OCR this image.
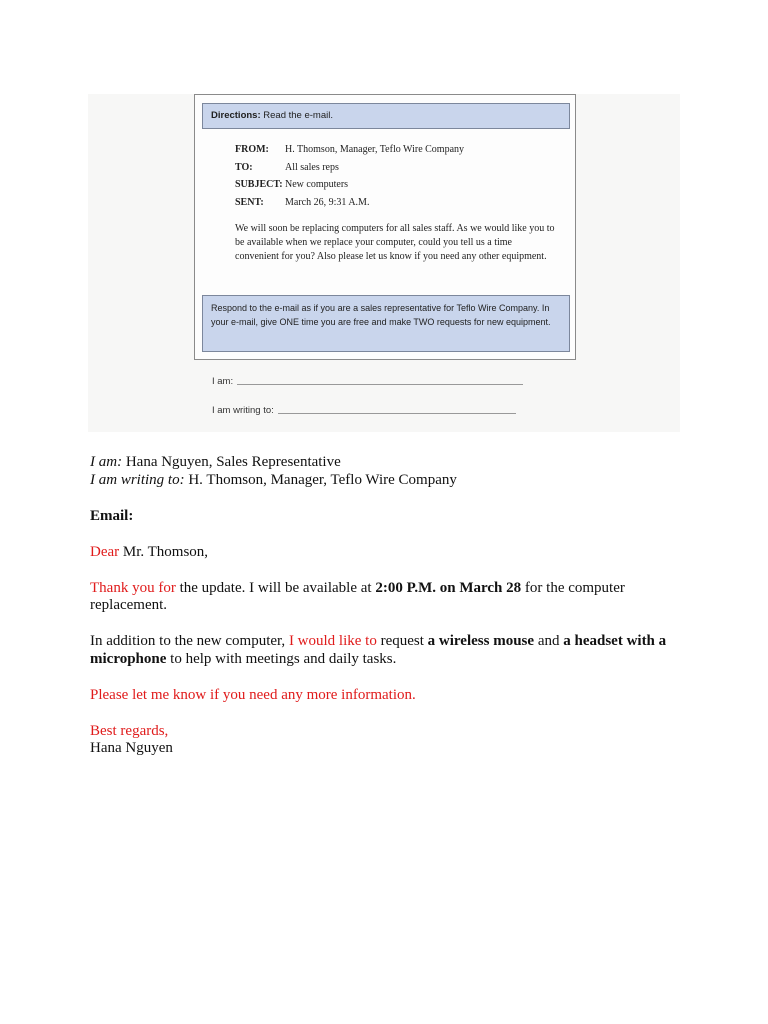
Directions: Read the e-mail.
FROM:	H. Thomson, Manager, Teflo Wire Company
TO:	All sales reps
SUBJECT: New computers
SENT:	March 26, 9:31 A.M.
We will soon be replacing computers for all sales staff. As we would like you to be available when we replace your computer, could you tell us a time convenient for you? Also please let us know if you need any other equipment.
Respond to the e-mail as if you are a sales representative for Teflo Wire Company. In your e-mail, give ONE time you are free and make TWO requests for new equipment.
I am:
I am writing to:

I am: Hana Nguyen, Sales Representative

I am writing to: H. Thomson, Manager, Teflo Wire Company

Email:

Dear Mr. Thomson,

Thank you for the update. I will be available at 2:00 P.M. on March 28 for the computer replacement.

In addition to the new computer, I would like to request a wireless mouse and a headset with a microphone to help with meetings and daily tasks.

Please let me know if you need any more information.

Best regards,

Hana Nguyen
